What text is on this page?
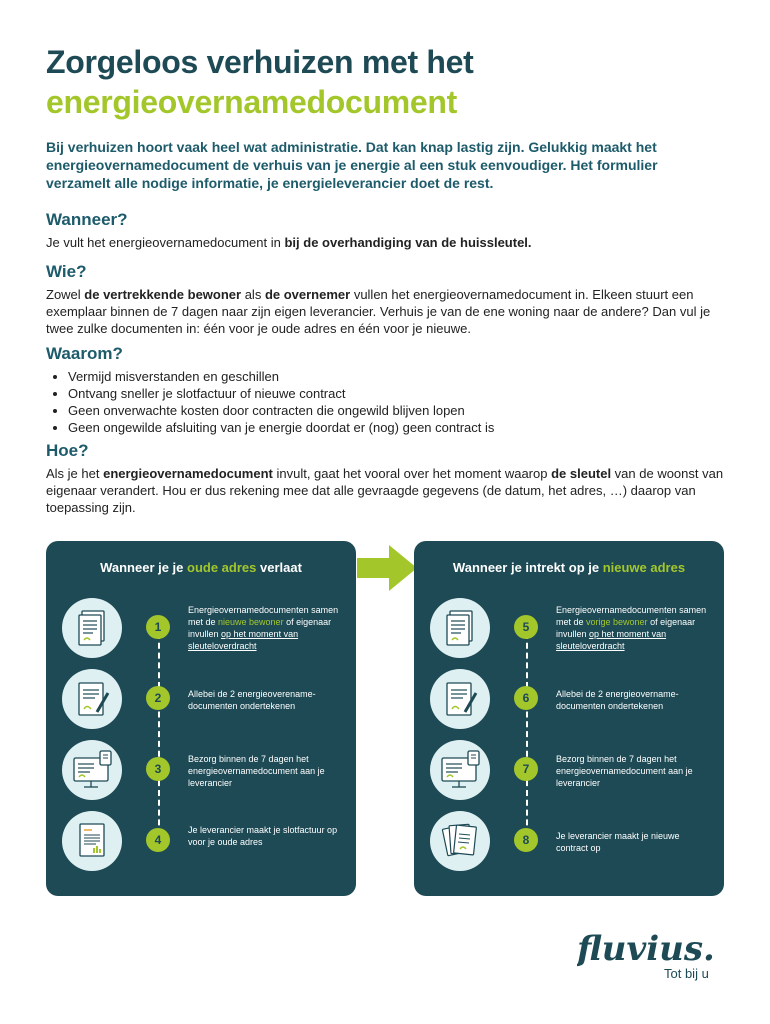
Zorgeloos verhuizen met het
energieovernamedocument

Bij verhuizen hoort vaak heel wat administratie. Dat kan knap lastig zijn. Gelukkig maakt het energieovernamedocument de verhuis van je energie al een stuk eenvoudiger. Het formulier verzamelt alle nodige informatie, je energieleverancier doet de rest.

Wanneer?

Je vult het energieovernamedocument in bij de overhandiging van de huissleutel.

Wie?

Zowel de vertrekkende bewoner als de overnemer vullen het energieovernamedocument in. Elkeen stuurt een exemplaar binnen de 7 dagen naar zijn eigen leverancier. Verhuis je van de ene woning naar de andere? Dan vul je twee zulke documenten in: één voor je oude adres en één voor je nieuwe.

Waarom?
• Vermijd misverstanden en geschillen
• Ontvang sneller je slotfactuur of nieuwe contract
• Geen onverwachte kosten door contracten die ongewild blijven lopen
• Geen ongewilde afsluiting van je energie doordat er (nog) geen contract is
Hoe?

Als je het energieovernamedocument invult, gaat het vooral over het moment waarop de sleutel van de woonst van eigenaar verandert. Hou er dus rekening mee dat alle gevraagde gegevens (de datum, het adres, …) daarop van toepassing zijn.

Wanneer je je oude adres verlaat
1
Energieovernamedocumenten samen met de nieuwe bewoner of eigenaar invullen op het moment van sleuteloverdracht
2	Allebei de 2 energieoverename-documenten ondertekenen
3
Bezorg binnen de 7 dagen het energieovernamedocument aan je leverancier
4
Je leverancier maakt je slotfactuur op voor je oude adres
Wanneer je intrekt op je nieuwe adres
5
Energieovernamedocumenten samen met de vorige bewoner of eigenaar invullen op het moment van sleuteloverdracht
6	Allebei de 2 energieovername-documenten ondertekenen
7
Bezorg binnen de 7 dagen het energieovernamedocument aan je leverancier
8	Je leverancier maakt je nieuwe contract op
fluvius.
Tot bij u
